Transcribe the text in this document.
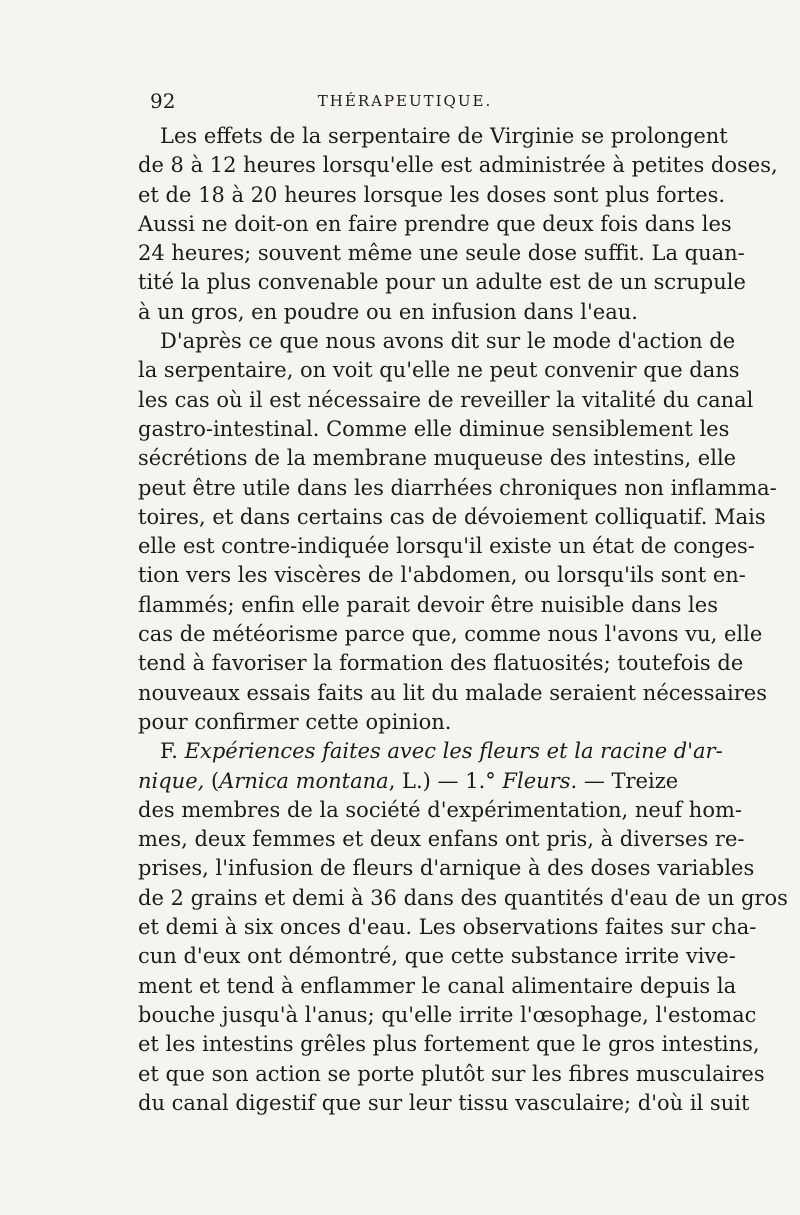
92	THÉRAPEUTIQUE.
Les effets de la serpentaire de Virginie se prolongent
de 8 à 12 heures lorsqu'elle est administrée à petites doses,
et de 18 à 20 heures lorsque les doses sont plus fortes.
Aussi ne doit-on en faire prendre que deux fois dans les
24 heures; souvent même une seule dose suffit. La quan-
tité la plus convenable pour un adulte est de un scrupule
à un gros, en poudre ou en infusion dans l'eau.
D'après ce que nous avons dit sur le mode d'action de
la serpentaire, on voit qu'elle ne peut convenir que dans
les cas où il est nécessaire de reveiller la vitalité du canal
gastro-intestinal. Comme elle diminue sensiblement les
sécrétions de la membrane muqueuse des intestins, elle
peut être utile dans les diarrhées chroniques non inflamma-
toires, et dans certains cas de dévoiement colliquatif. Mais
elle est contre-indiquée lorsqu'il existe un état de conges-
tion vers les viscères de l'abdomen, ou lorsqu'ils sont en-
flammés; enfin elle parait devoir être nuisible dans les
cas de météorisme parce que, comme nous l'avons vu, elle
tend à favoriser la formation des flatuosités; toutefois de
nouveaux essais faits au lit du malade seraient nécessaires
pour confirmer cette opinion.
F. Expériences faites avec les fleurs et la racine d'ar-
nique, (Arnica montana, L.) — 1.° Fleurs. — Treize
des membres de la société d'expérimentation, neuf hom-
mes, deux femmes et deux enfans ont pris, à diverses re-
prises, l'infusion de fleurs d'arnique à des doses variables
de 2 grains et demi à 36 dans des quantités d'eau de un gros
et demi à six onces d'eau. Les observations faites sur cha-
cun d'eux ont démontré, que cette substance irrite vive-
ment et tend à enflammer le canal alimentaire depuis la
bouche jusqu'à l'anus; qu'elle irrite l'œsophage, l'estomac
et les intestins grêles plus fortement que le gros intestins,
et que son action se porte plutôt sur les fibres musculaires
du canal digestif que sur leur tissu vasculaire; d'où il suit
